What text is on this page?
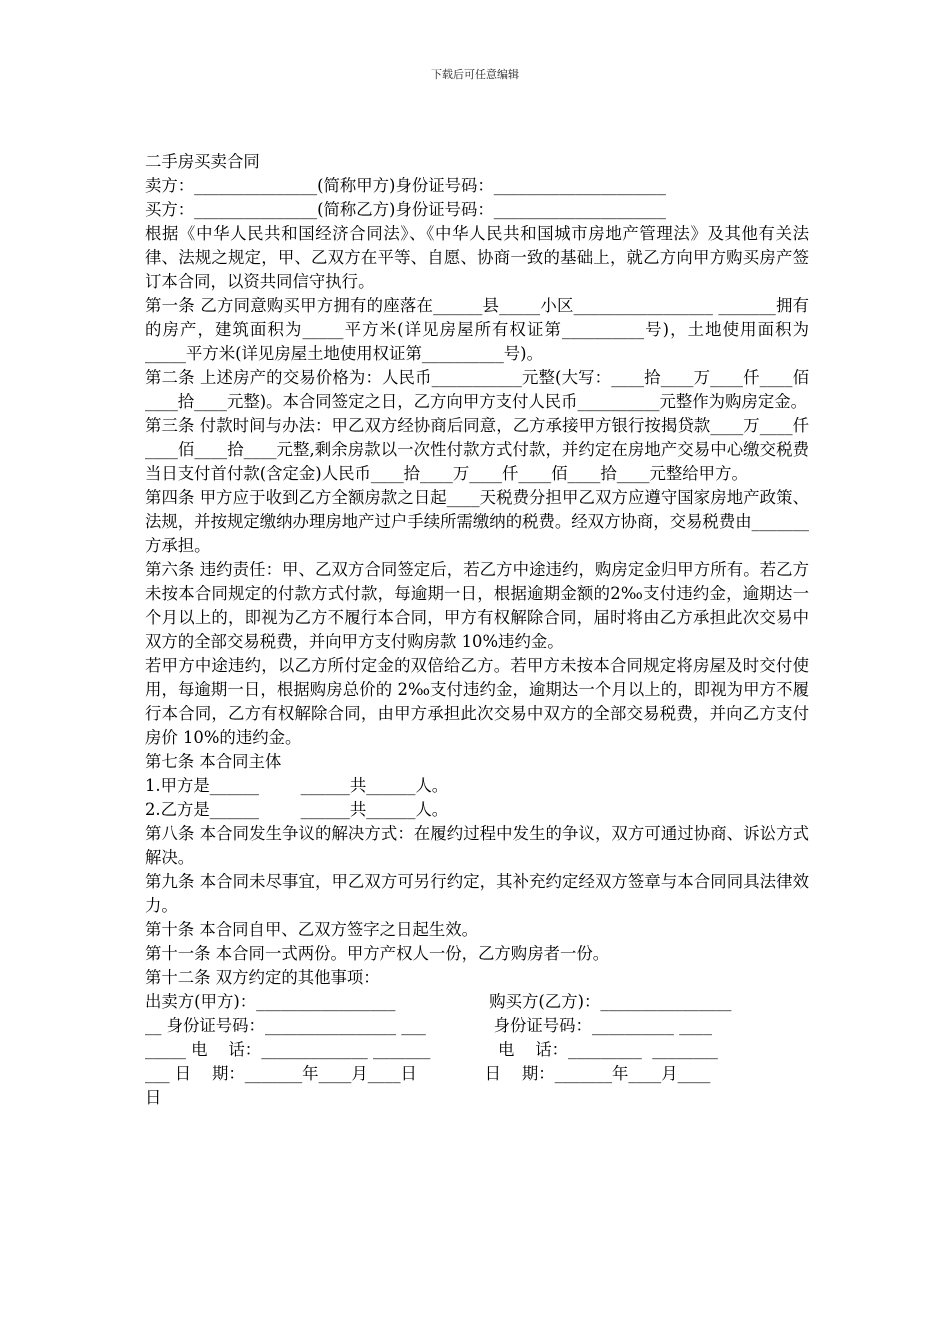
下载后可任意编辑

二手房买卖合同

卖方：_______________(简称甲方)身份证号码：_____________________

买方：_______________(简称乙方)身份证号码：_____________________

根据《中华人民共和国经济合同法》、《中华人民共和国城市房地产管理法》及其他有关法律、法规之规定，甲、乙双方在平等、自愿、协商一致的基础上，就乙方向甲方购买房产签订本合同，以资共同信守执行。

第一条 乙方同意购买甲方拥有的座落在______县_____小区_________________ _______拥有的房产，建筑面积为_____平方米(详见房屋所有权证第__________号)，土地使用面积为_____平方米(详见房屋土地使用权证第__________号)。

第二条 上述房产的交易价格为：人民币___________元整(大写：____拾____万____仟____佰____拾____元整)。本合同签定之日，乙方向甲方支付人民币__________元整作为购房定金。

第三条 付款时间与办法：甲乙双方经协商后同意，乙方承接甲方银行按揭贷款____万____仟____佰____拾____元整,剩余房款以一次性付款方式付款，并约定在房地产交易中心缴交税费当日支付首付款(含定金)人民币____拾____万____仟____佰____拾____元整给甲方。

第四条 甲方应于收到乙方全额房款之日起____天税费分担甲乙双方应遵守国家房地产政策、法规，并按规定缴纳办理房地产过户手续所需缴纳的税费。经双方协商，交易税费由_______方承担。

第六条 违约责任：甲、乙双方合同签定后，若乙方中途违约，购房定金归甲方所有。若乙方未按本合同规定的付款方式付款，每逾期一日，根据逾期金额的2‰支付违约金，逾期达一个月以上的，即视为乙方不履行本合同，甲方有权解除合同，届时将由乙方承担此次交易中双方的全部交易税费，并向甲方支付购房款 10%违约金。

若甲方中途违约，以乙方所付定金的双倍给乙方。若甲方未按本合同规定将房屋及时交付使用，每逾期一日，根据购房总价的 2‰支付违约金，逾期达一个月以上的，即视为甲方不履行本合同，乙方有权解除合同，由甲方承担此次交易中双方的全部交易税费，并向乙方支付房价 10%的违约金。

第七条 本合同主体

1.甲方是______        ______共______人。

2.乙方是______        ______共______人。

第八条 本合同发生争议的解决方式：在履约过程中发生的争议，双方可通过协商、诉讼方式解决。

第九条 本合同未尽事宜，甲乙双方可另行约定，其补充约定经双方签章与本合同同具法律效力。

第十条 本合同自甲、乙双方签字之日起生效。

第十一条 本合同一式两份。甲方产权人一份，乙方购房者一份。

第十二条 双方约定的其他事项：

出卖方(甲方)：_________________                  购买方(乙方)：________________

__ 身份证号码：________________ ___             身份证号码：__________ ____

_____ 电    话：_____________ _______             电    话：_________  ________

___ 日    期：_______年____月____日             日    期：_______年____月____

日
